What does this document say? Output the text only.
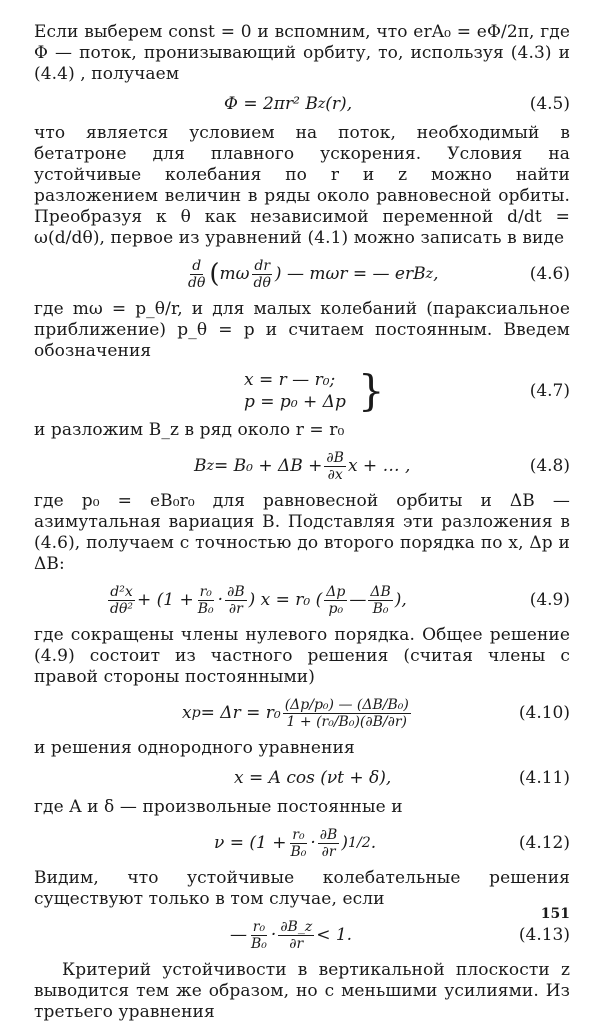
Если выберем const = 0 и вспомним, что erA₀ = eΦ/2π, где Φ — поток, пронизывающий орбиту, то, используя (4.3) и (4.4) , получаем

Φ = 2πr² B z (r),	(4.5)

что является условием на поток, необходимый в бетатроне для плавного ускорения. Условия на устойчивые колебания по r и z можно найти разложением величин в ряды около равновесной орбиты. Преобразуя к θ как независимой переменной d/dt = ω(d/dθ), первое из уравнений (4.1) можно записать в виде

$\frac{d}{d\theta}$ ( mω $\frac{dr}{d\theta}$ ) — mωr = — erB z ,	(4.6)

где mω = p_θ/r, и для малых колебаний (параксиальное приближение) p_θ = p и считаем постоянным. Введем обозначения

x = r — r₀;
p = p₀ + Δp }	(4.7)

и разложим B_z в ряд около r = r₀

B $z = B_0 + \Delta B + \frac{\partial B}{\partial x}$ x + … ,	(4.8)

где p₀ = eB₀r₀ для равновесной орбиты и ΔB — азимутальная вариация B. Подставляя эти разложения в (4.6), получаем с точностью до второго порядка по x, Δp и ΔB:

$\frac{\text{d²x}}{\text{dθ²}} + (1 + \frac{\text{r₀}}{\text{B₀}} \cdot \frac{\partial B}{\partial r}$ ) x = r₀ ( $\frac{\Delta p}{\text{p₀}}$ — $\frac{\Delta B}{\text{B₀}}$ ),	(4.9)

где сокращены члены нулевого порядка. Общее решение (4.9) состоит из частного решения (считая члены с правой стороны постоянными)

x $p = \Delta r = r_0 \frac{\text{(Δp/p₀) — (ΔB/B₀)}}{\text{1 + (r₀/B₀)(∂B/∂r)}}$	(4.10)

и решения однородного уравнения

x = A cos (νt + δ),	(4.11)

где A и δ — произвольные постоянные и

$\nu = (1 + \frac{\text{r₀}}{\text{B₀}} \cdot \frac{\partial B}{\partial r}$ ) 1/2 .	(4.12)

Видим, что устойчивые колебательные решения существуют только в том случае, если

— $\frac{\text{r₀}}{\text{B₀}} \cdot \frac{\partial B\_z}{\partial r} < 1$.	(4.13)

Критерий устойчивости в вертикальной плоскости z выводится тем же образом, но с меньшими усилиями. Из третьего уравнения

151
